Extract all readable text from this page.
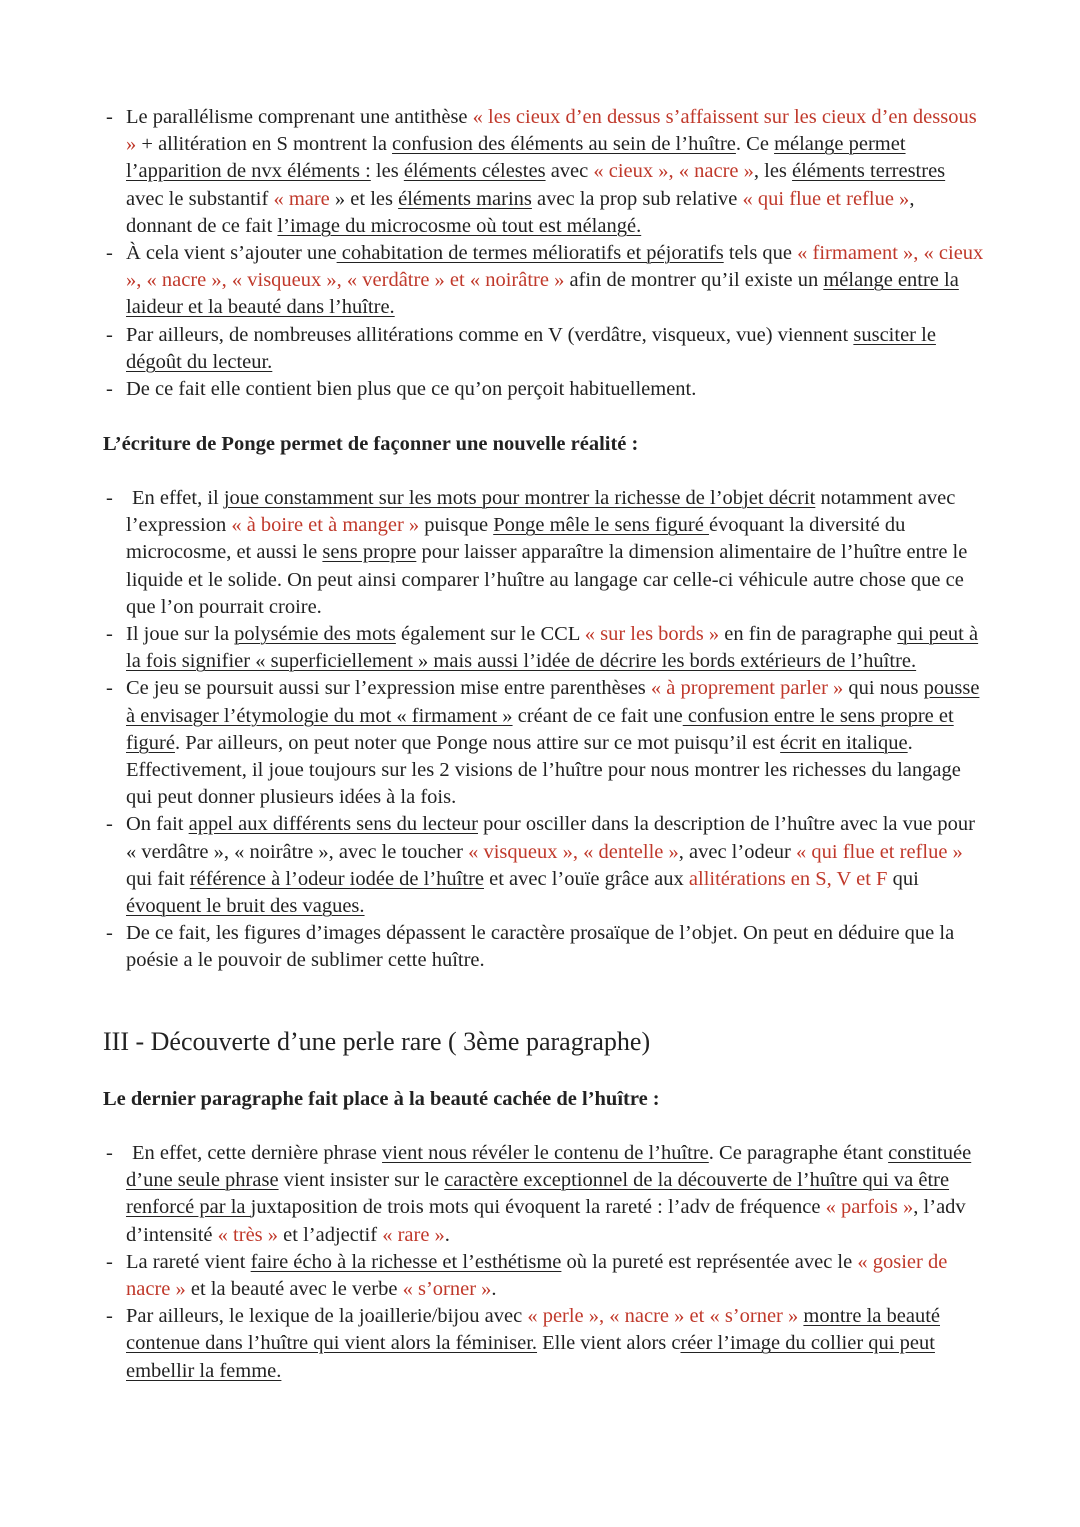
- Le parallélisme comprenant une antithèse « les cieux d’en dessus s’affaissent sur les cieux d’en dessous » + allitération en S montrent la confusion des éléments au sein de l’huître. Ce mélange permet l’apparition de nvx éléments : les éléments célestes avec « cieux », « nacre », les éléments terrestres avec le substantif « mare » et les éléments marins avec la prop sub relative « qui flue et reflue », donnant de ce fait l’image du microcosme où tout est mélangé.
- À cela vient s’ajouter une cohabitation de termes mélioratifs et péjoratifs tels que « firmament », « cieux », « nacre », « visqueux », « verdâtre » et « noirâtre » afin de montrer qu’il existe un mélange entre la laideur et la beauté dans l’huître.
- Par ailleurs, de nombreuses allitérations comme en V (verdâtre, visqueux, vue) viennent susciter le dégoût du lecteur.
- De ce fait elle contient bien plus que ce qu’on perçoit habituellement.
L’écriture de Ponge permet de façonner une nouvelle réalité :
- En effet, il joue constamment sur les mots pour montrer la richesse de l’objet décrit notamment avec l’expression « à boire et à manger » puisque Ponge mêle le sens figuré évoquant la diversité du microcosme, et aussi le sens propre pour laisser apparaître la dimension alimentaire de l’huître entre le liquide et le solide. On peut ainsi comparer l’huître au langage car celle-ci véhicule autre chose que ce que l’on pourrait croire.
- Il joue sur la polysémie des mots également sur le CCL « sur les bords » en fin de paragraphe qui peut à la fois signifier « superficiellement » mais aussi l’idée de décrire les bords extérieurs de l’huître.
- Ce jeu se poursuit aussi sur l’expression mise entre parenthèses « à proprement parler » qui nous pousse à envisager l’étymologie du mot « firmament » créant de ce fait une confusion entre le sens propre et figuré. Par ailleurs, on peut noter que Ponge nous attire sur ce mot puisqu’il est écrit en italique. Effectivement, il joue toujours sur les 2 visions de l’huître pour nous montrer les richesses du langage qui peut donner plusieurs idées à la fois.
- On fait appel aux différents sens du lecteur pour osciller dans la description de l’huître avec la vue pour « verdâtre », « noirâtre », avec le toucher « visqueux », « dentelle », avec l’odeur « qui flue et reflue » qui fait référence à l’odeur iodée de l’huître et avec l’ouïe grâce aux allitérations en S, V et F qui évoquent le bruit des vagues.
- De ce fait, les figures d’images dépassent le caractère prosaïque de l’objet. On peut en déduire que la poésie a le pouvoir de sublimer cette huître.
III - Découverte d’une perle rare ( 3ème paragraphe)
Le dernier paragraphe fait place à la beauté cachée de l’huître :
- En effet, cette dernière phrase vient nous révéler le contenu de l’huître. Ce paragraphe étant constituée d’une seule phrase vient insister sur le caractère exceptionnel de la découverte de l’huître qui va être renforcé par la juxtaposition de trois mots qui évoquent la rareté : l’adv de fréquence « parfois », l’adv d’intensité « très » et l’adjectif « rare ».
- La rareté vient faire écho à la richesse et l’esthétisme où la pureté est représentée avec le « gosier de nacre » et la beauté avec le verbe « s’orner ».
- Par ailleurs, le lexique de la joaillerie/bijou avec « perle », « nacre » et « s’orner » montre la beauté contenue dans l’huître qui vient alors la féminiser. Elle vient alors créer l’image du collier qui peut embellir la femme.
